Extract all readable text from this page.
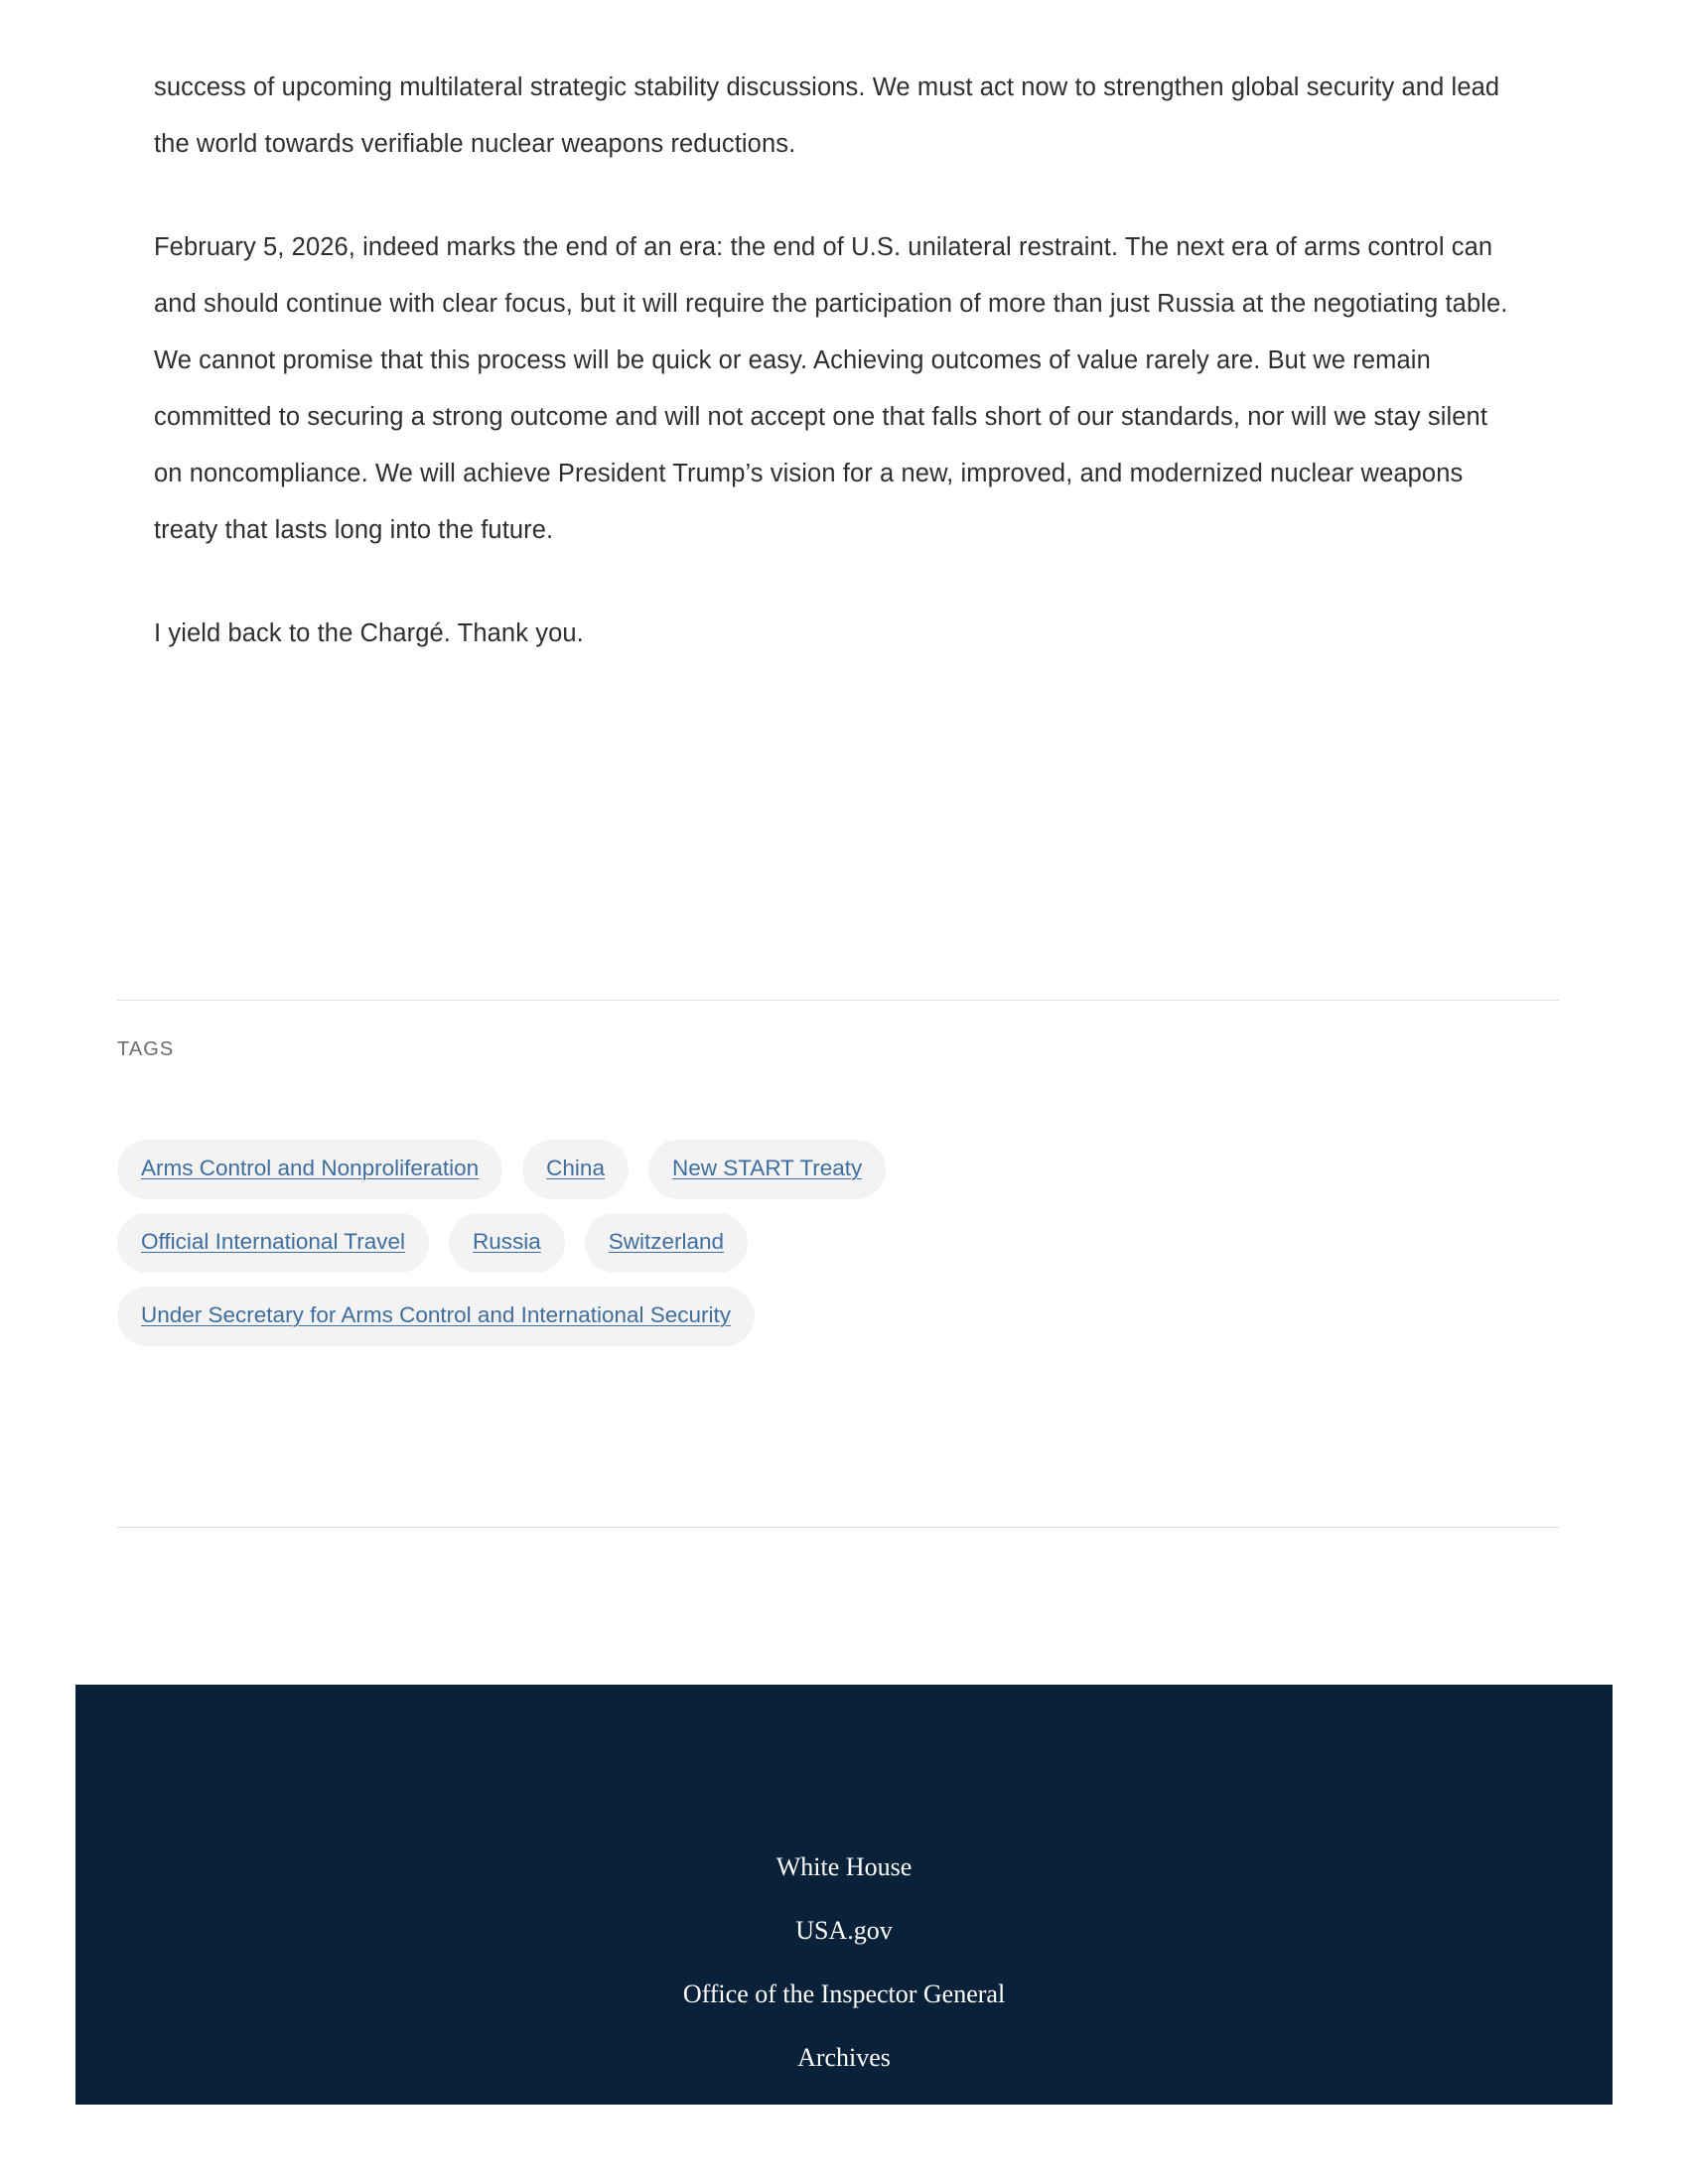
success of upcoming multilateral strategic stability discussions. We must act now to strengthen global security and lead the world towards verifiable nuclear weapons reductions.

February 5, 2026, indeed marks the end of an era: the end of U.S. unilateral restraint. The next era of arms control can and should continue with clear focus, but it will require the participation of more than just Russia at the negotiating table. We cannot promise that this process will be quick or easy. Achieving outcomes of value rarely are. But we remain committed to securing a strong outcome and will not accept one that falls short of our standards, nor will we stay silent on noncompliance. We will achieve President Trump’s vision for a new, improved, and modernized nuclear weapons treaty that lasts long into the future.

I yield back to the Chargé. Thank you.

TAGS
Arms Control and Nonproliferation	China	New START Treaty
Official International Travel	Russia	Switzerland
Under Secretary for Arms Control and International Security
White House
USA.gov
Office of the Inspector General
Archives
